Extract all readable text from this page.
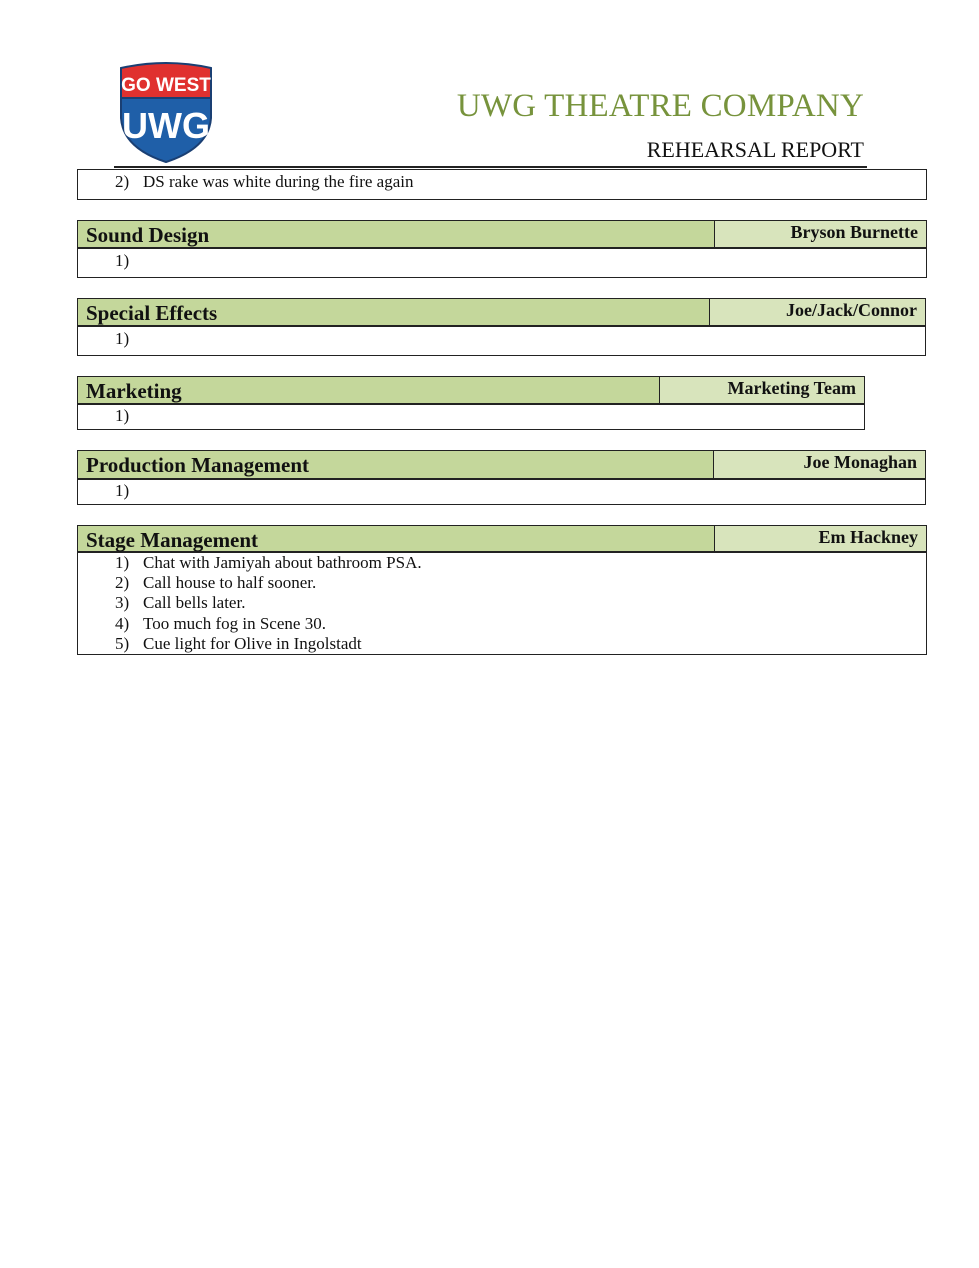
GO WEST
UWG	UWG THEATRE COMPANY
REHEARSAL REPORT
2) DS rake was white during the fire again
Sound Design	Bryson Burnette
1)
Special Effects	Joe/Jack/Connor
1)
Marketing	Marketing Team
1)
Production Management	Joe Monaghan
1)
Stage Management	Em Hackney
1) Chat with Jamiyah about bathroom PSA.
2) Call house to half sooner.
3) Call bells later.
4) Too much fog in Scene 30.
5) Cue light for Olive in Ingolstadt
